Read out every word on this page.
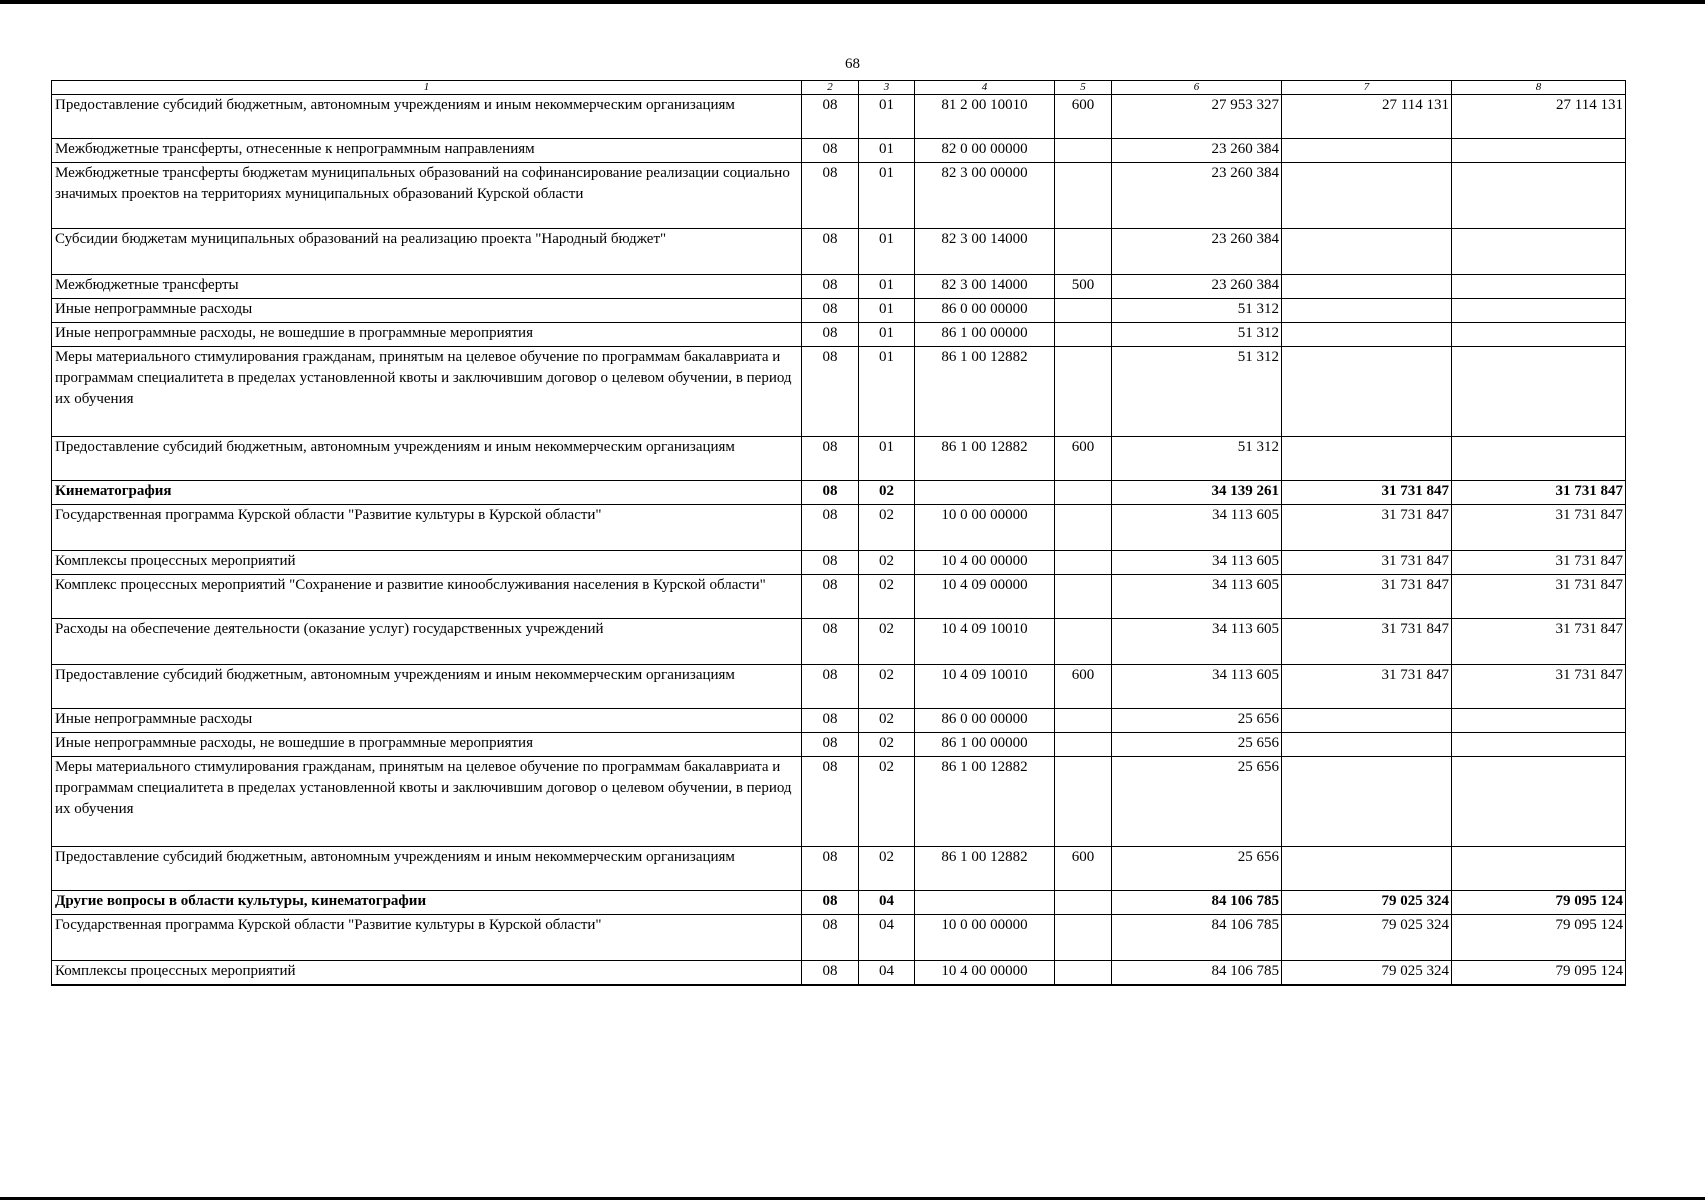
68
1	2	3	4	5	6	7	8
Предоставление субсидий бюджетным, автономным учреждениям и иным некоммерческим организациям	08	01	81 2 00 10010	600	27 953 327	27 114 131	27 114 131
Межбюджетные трансферты, отнесенные к непрограммным направлениям	08	01	82 0 00 00000		23 260 384		
Межбюджетные трансферты бюджетам муниципальных образований на софинансирование реализации социально значимых проектов на территориях муниципальных образований Курской области	08	01	82 3 00 00000		23 260 384		
Субсидии бюджетам муниципальных образований на реализацию проекта "Народный бюджет"	08	01	82 3 00 14000		23 260 384		
Межбюджетные трансферты	08	01	82 3 00 14000	500	23 260 384		
Иные непрограммные расходы	08	01	86 0 00 00000		51 312		
Иные непрограммные расходы, не вошедшие в программные мероприятия	08	01	86 1 00 00000		51 312		
Меры материального стимулирования гражданам, принятым на целевое обучение по программам бакалавриата и программам специалитета в пределах установленной квоты и заключившим договор о целевом обучении, в период их обучения	08	01	86 1 00 12882		51 312		
Предоставление субсидий бюджетным, автономным учреждениям и иным некоммерческим организациям	08	01	86 1 00 12882	600	51 312		
Кинематография	08	02			34 139 261	31 731 847	31 731 847
Государственная программа Курской области "Развитие культуры в Курской области"	08	02	10 0 00 00000		34 113 605	31 731 847	31 731 847
Комплексы процессных мероприятий	08	02	10 4 00 00000		34 113 605	31 731 847	31 731 847
Комплекс процессных мероприятий "Сохранение и развитие кинообслуживания населения в Курской области"	08	02	10 4 09 00000		34 113 605	31 731 847	31 731 847
Расходы на обеспечение деятельности (оказание услуг) государственных учреждений	08	02	10 4 09 10010		34 113 605	31 731 847	31 731 847
Предоставление субсидий бюджетным, автономным учреждениям и иным некоммерческим организациям	08	02	10 4 09 10010	600	34 113 605	31 731 847	31 731 847
Иные непрограммные расходы	08	02	86 0 00 00000		25 656		
Иные непрограммные расходы, не вошедшие в программные мероприятия	08	02	86 1 00 00000		25 656		
Меры материального стимулирования гражданам, принятым на целевое обучение по программам бакалавриата и программам специалитета в пределах установленной квоты и заключившим договор о целевом обучении, в период их обучения	08	02	86 1 00 12882		25 656		
Предоставление субсидий бюджетным, автономным учреждениям и иным некоммерческим организациям	08	02	86 1 00 12882	600	25 656		
Другие вопросы в области культуры, кинематографии	08	04			84 106 785	79 025 324	79 095 124
Государственная программа Курской области "Развитие культуры в Курской области"	08	04	10 0 00 00000		84 106 785	79 025 324	79 095 124
Комплексы процессных мероприятий	08	04	10 4 00 00000		84 106 785	79 025 324	79 095 124
